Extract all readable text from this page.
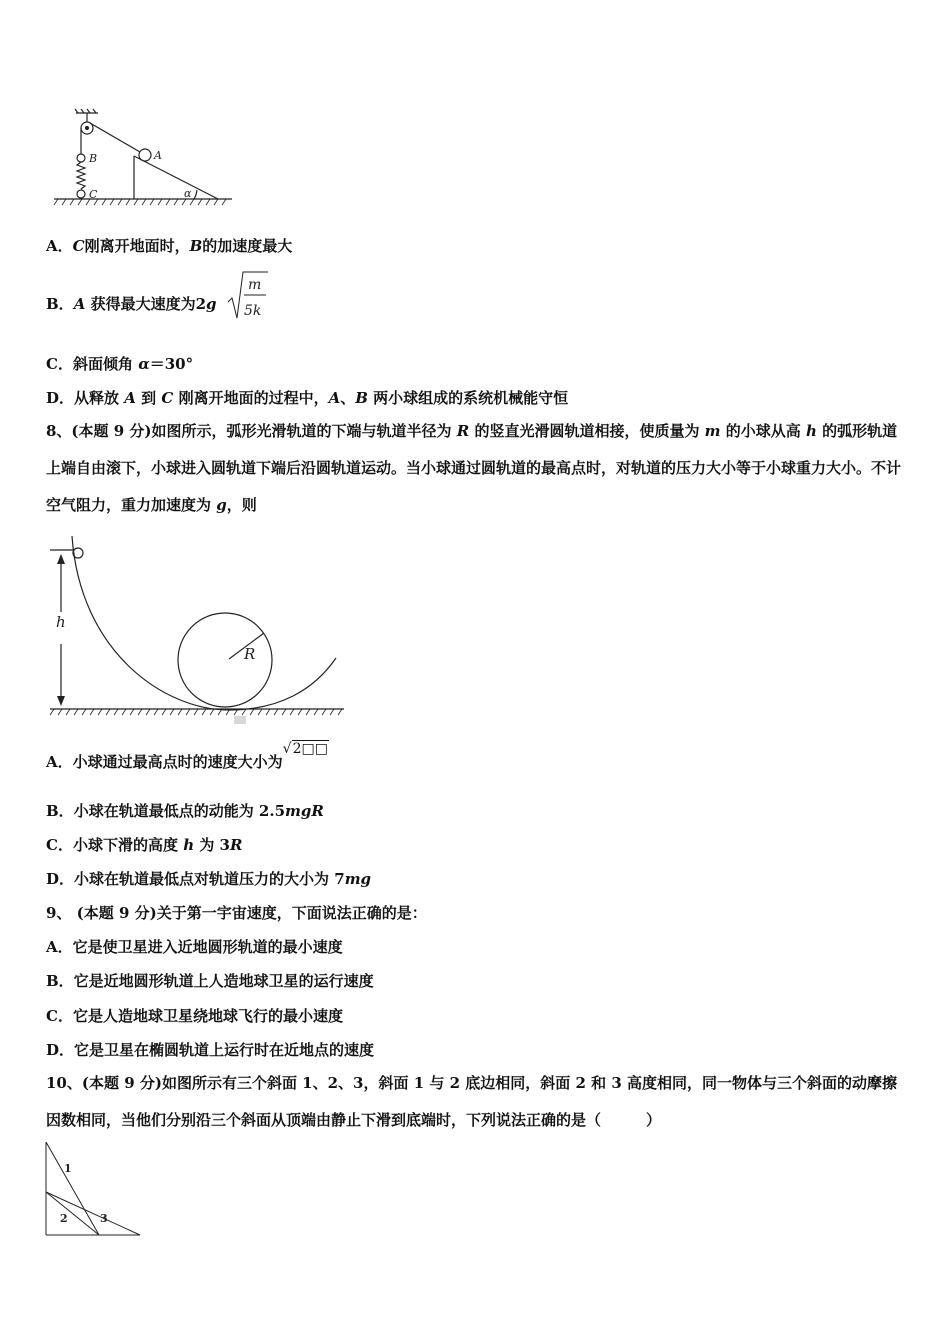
B
C
A
α
A．C刚离开地面时，B的加速度最大
B．A 获得最大速度为2g
m
5k
C．斜面倾角 α＝30°
D．从释放 A 到 C 刚离开地面的过程中，A、B 两小球组成的系统机械能守恒
8、(本题 9 分)如图所示，弧形光滑轨道的下端与轨道半径为 R 的竖直光滑圆轨道相接，使质量为 m 的小球从高 h 的弧形轨道上端自由滚下，小球进入圆轨道下端后沿圆轨道运动。当小球通过圆轨道的最高点时，对轨道的压力大小等于小球重力大小。不计空气阻力，重力加速度为 g，则
h
R
A．小球通过最高点时的速度大小为√2□□
B．小球在轨道最低点的动能为 2.5mgR
C．小球下滑的高度 h 为 3R
D．小球在轨道最低点对轨道压力的大小为 7mg
9、 (本题 9 分)关于第一宇宙速度，下面说法正确的是：
A．它是使卫星进入近地圆形轨道的最小速度
B．它是近地圆形轨道上人造地球卫星的运行速度
C．它是人造地球卫星绕地球飞行的最小速度
D．它是卫星在椭圆轨道上运行时在近地点的速度
10、(本题 9 分)如图所示有三个斜面 1、2、3，斜面 1 与 2 底边相同，斜面 2 和 3 高度相同，同一物体与三个斜面的动摩擦因数相同，当他们分别沿三个斜面从顶端由静止下滑到底端时，下列说法正确的是（　　　）
1
2	3
